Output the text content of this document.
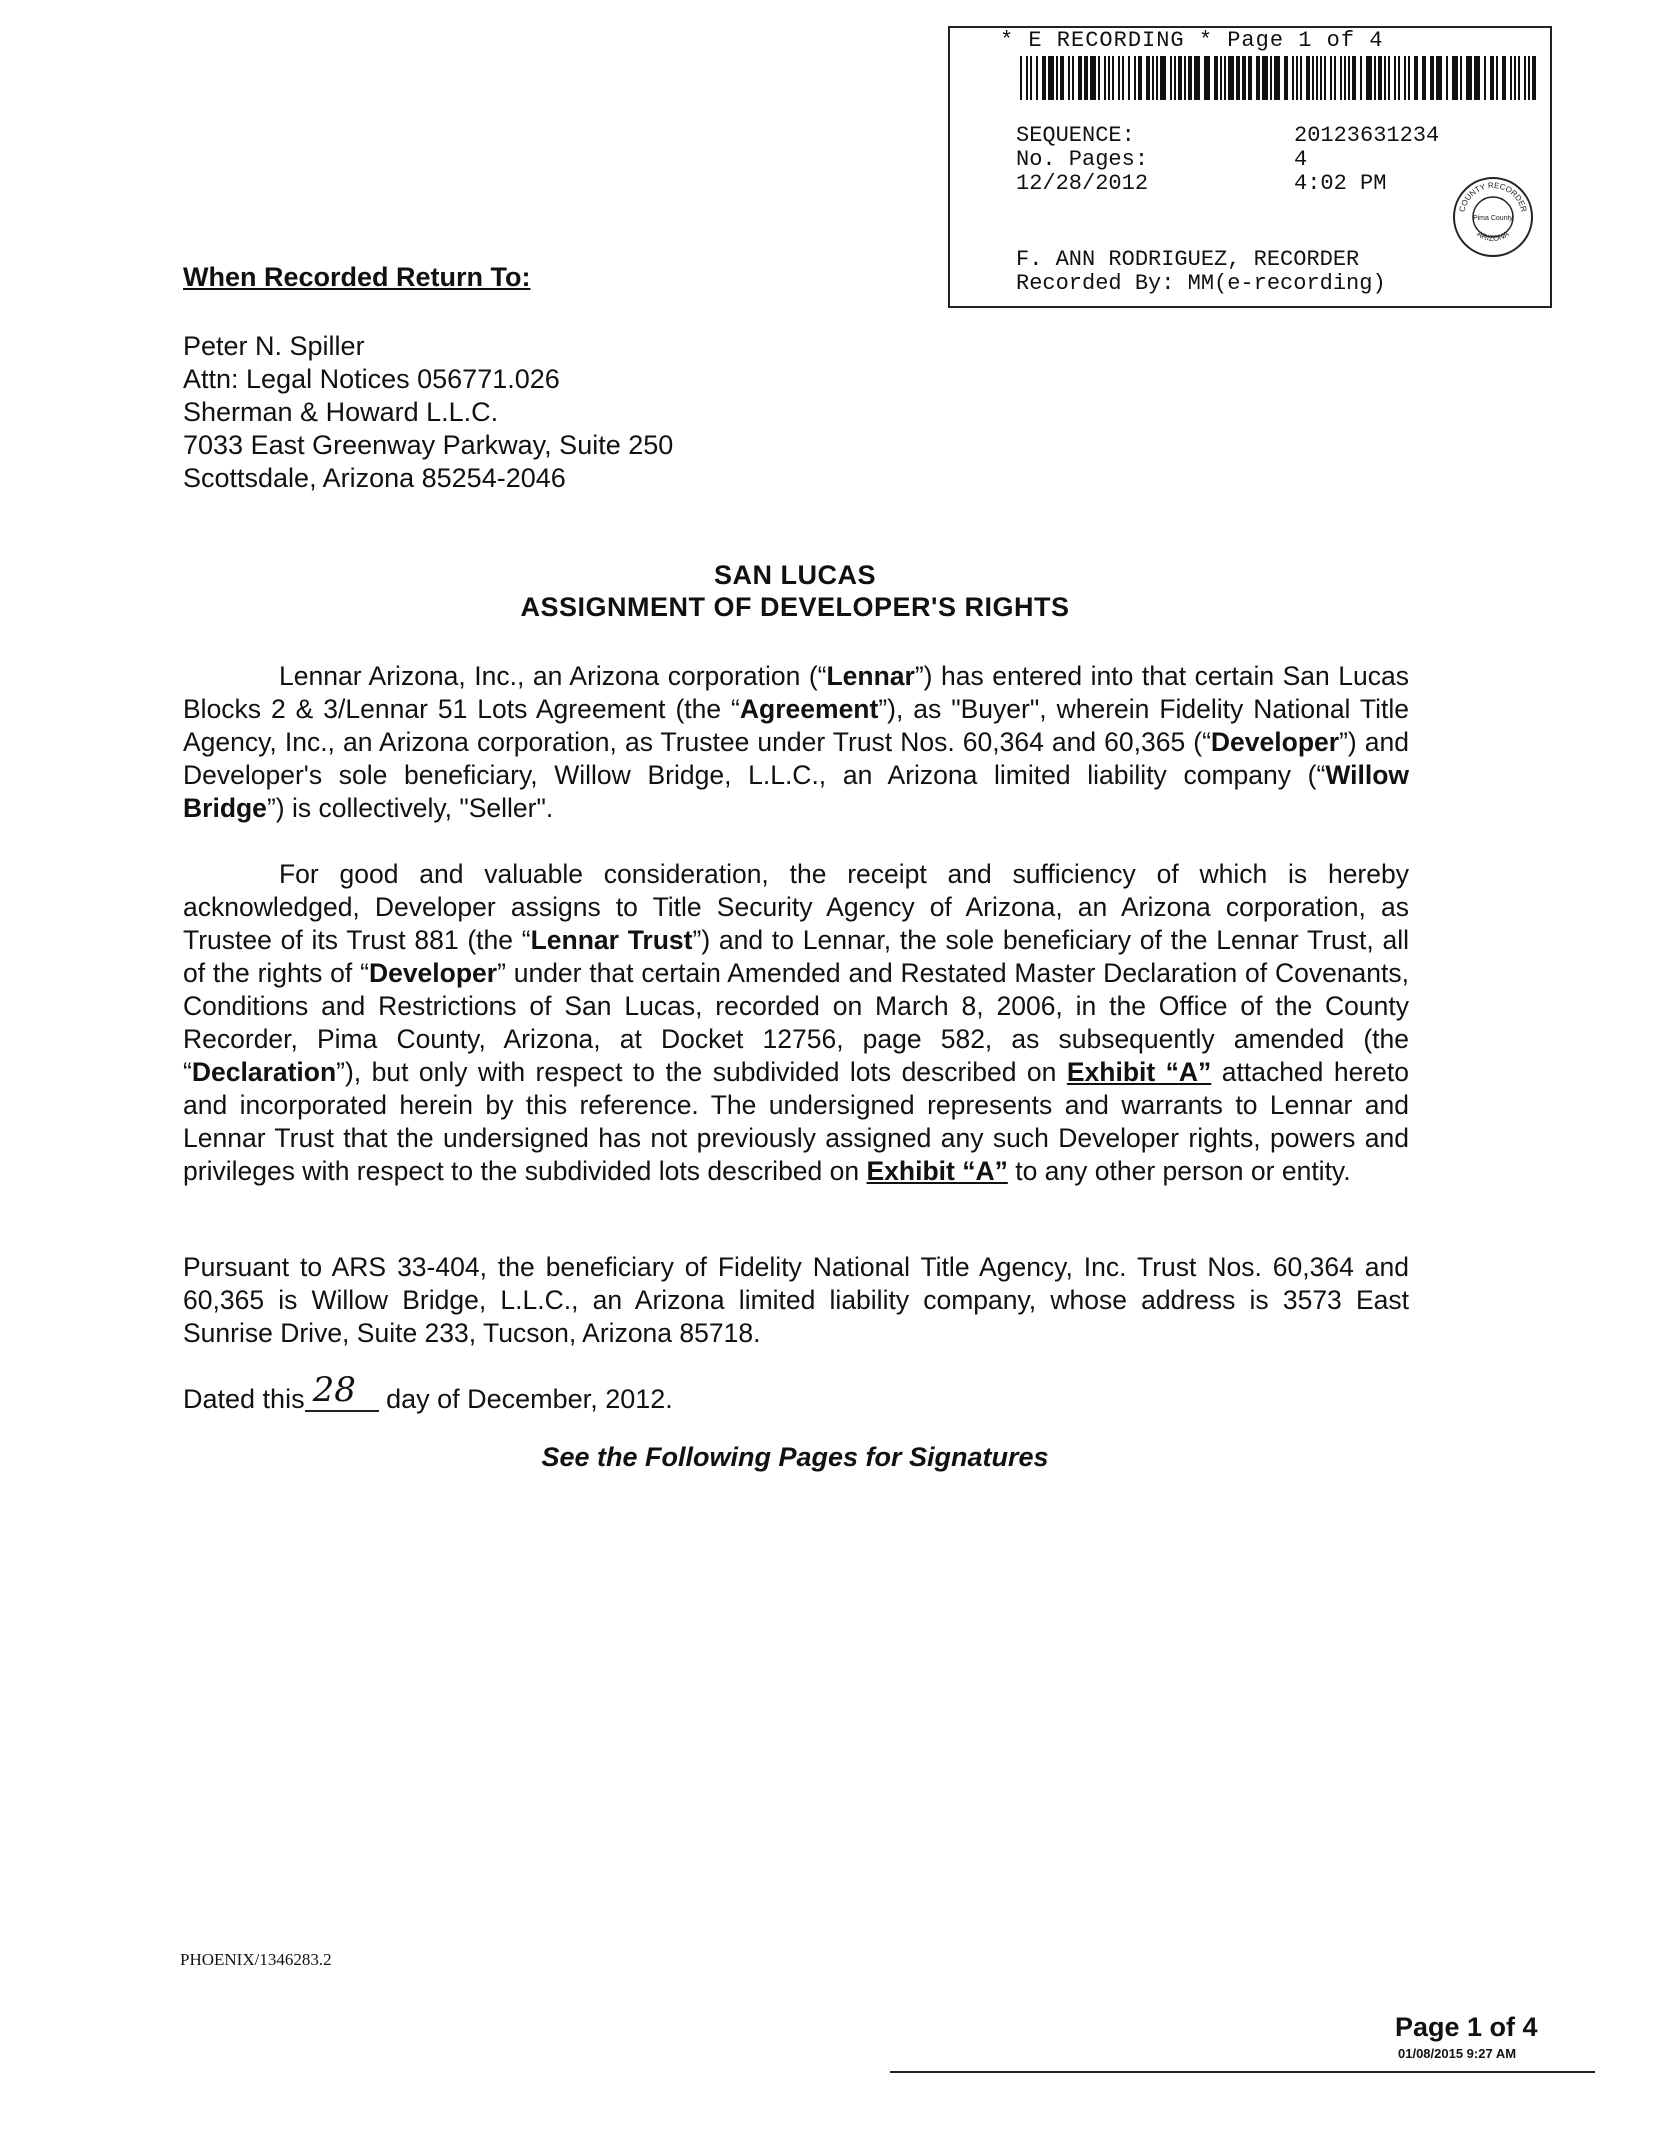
* E RECORDING * Page 1 of 4
SEQUENCE:	20123631234
No. Pages:	4
12/28/2012	4:02 PM
F. ANN RODRIGUEZ, RECORDER
Recorded By: MM(e-recording)
COUNTY RECORDER
ARIZONA
Pima County
When Recorded Return To:
Peter N. Spiller
Attn: Legal Notices 056771.026
Sherman & Howard L.L.C.
7033 East Greenway Parkway, Suite 250
Scottsdale, Arizona 85254-2046
SAN LUCAS
ASSIGNMENT OF DEVELOPER'S RIGHTS

Lennar Arizona, Inc., an Arizona corporation (“Lennar”) has entered into that certain San Lucas Blocks 2 & 3/Lennar 51 Lots Agreement (the “Agreement”), as "Buyer", wherein Fidelity National Title Agency, Inc., an Arizona corporation, as Trustee under Trust Nos. 60,364 and 60,365 (“Developer”) and Developer's sole beneficiary, Willow Bridge, L.L.C., an Arizona limited liability company (“Willow Bridge”) is collectively, "Seller".

For good and valuable consideration, the receipt and sufficiency of which is hereby acknowledged, Developer assigns to Title Security Agency of Arizona, an Arizona corporation, as Trustee of its Trust 881 (the “Lennar Trust”) and to Lennar, the sole beneficiary of the Lennar Trust, all of the rights of “Developer” under that certain Amended and Restated Master Declaration of Covenants, Conditions and Restrictions of San Lucas, recorded on March 8, 2006, in the Office of the County Recorder, Pima County, Arizona, at Docket 12756, page 582, as subsequently amended (the “Declaration”), but only with respect to the subdivided lots described on Exhibit “A” attached hereto and incorporated herein by this reference. The undersigned represents and warrants to Lennar and Lennar Trust that the undersigned has not previously assigned any such Developer rights, powers and privileges with respect to the subdivided lots described on Exhibit “A” to any other person or entity.

Pursuant to ARS 33-404, the beneficiary of Fidelity National Title Agency, Inc. Trust Nos. 60,364 and 60,365 is Willow Bridge, L.L.C., an Arizona limited liability company, whose address is 3573 East Sunrise Drive, Suite 233, Tucson, Arizona 85718.

Dated this 28 day of December, 2012.
See the Following Pages for Signatures
PHOENIX/1346283.2
Page 1 of 4
01/08/2015 9:27 AM
